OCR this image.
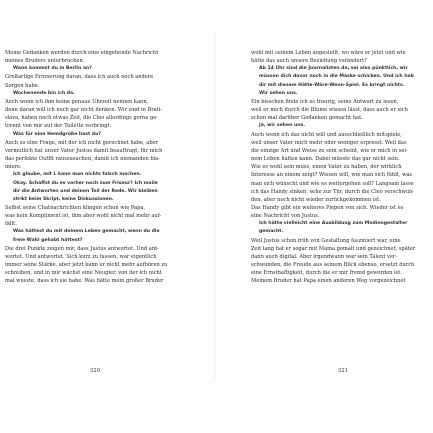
Meine Gedanken werden durch eine eingehende Nachricht
meines Bruders unterbrochen.
Wann kommst du in Berlin an?
Großartige Erinnerung daran, dass ich auch noch andere
Sorgen habe.
Wochenende bin ich da.
Auch wenn ich ihm keine genaue Uhrzeit nennen kann,
denn daran will ich noch gar nicht denken. Wir sind in Brati-
slava, haben noch etwas Zeit, die Cleo allerdings gerne ge-
trennt von mir auf der Toilette verbringt.
Was für eine Hemdgröße hast du?
Auch so eine Frage, mit der ich nicht gerechnet habe, aber
vermutlich hat unser Vater Justus damit beauftragt, für mich
das perfekte Outfit rauszusuchen, damit ich niemanden bla-
miere.
Ich glaube, mit L kann man nichts falsch machen.
Okay. Schaffst du es vorher noch zum Friseur? Ich maile
dir die Antworten und deinen Teil der Rede. Wir bleiben
strikt beim Skript, keine Diskussionen.
Selbst seine Chatnachrichten klingen schon wie Papa,
was kein Kompliment ist, ihm aber wohl nicht mal mehr auf-
fällt.
Was hättest du mit deinem Leben gemacht, wenn du die
freie Wahl gehabt hättest?
Die drei Punkte zeigen mir, dass Justus antwortet. Und ant-
wortet. Und antwortet. Sich kurz zu fassen, war eigentlich
immer seine Stärke, aber jetzt kann er nicht mehr aufhören zu
schreiben, und in mir wächst eine Neugier, von der ich nicht
mal wusste, dass ich sie habe. Was hätte mein großer Bruder
wohl mit seinem Leben angestellt, wo wäre er jetzt und wie
hätte das auch unsere Beziehung verändert?
Ab 14 Uhr sind die Journalisten da, sei also pünktlich, wir
müssen dich davor noch in die Maske schicken. Und ich hab
dir mit diesem Hätte-Wäre-Wenn-Spiel. Es bringt nichts.
Wir sehen uns.
Ein bisschen finde ich es traurig, seine Antwort zu lesen,
weil er mich durch die Blume wissen lässt, dass auch er sich
schon mal darüber Gedanken gemacht hat.
Ja, wir sehen uns.
Auch wenn ich das nicht will und ausschließlich mitspiele,
weil unser Vater mich mehr oder weniger erpresst. Weil das
die einzige Art und Weise zu sein scheint, wie er mich in sei-
nem Leben halten kann. Dabei müsste das gar nicht sein.
Wie es wohl sein muss, einen Vater zu haben, der wirklich
Interesse an einem zeigt? Wissen will, wie man sich fühlt, was
man sich wünscht und wie es weitergehen soll? Langsam lasse
ich das Handy sinken, sehe zur Tür, durch die Cleo verschwun-
den, aber noch nicht wieder zurückgekommen ist.
Das Handy gibt ein weiteres Piepen von sich. Wieder ist es
eine Nachricht von Justus.
Ich hätte vielleicht eine Ausbildung zum Mediengestalter
gemacht.
Weil Justus schon früh von Gestaltung fasziniert war, eine
Zeit lang hat er sogar mit Mama gemalt und gezeichnet, später
dann auch digital. Aber irgendwann war sein Talent ver-
schwunden, die Freude aus seinem Blick ebenso, ersetzt durch
eine Ernsthaftigkeit, durch die er mir fremd geworden ist.
Meinem Bruder hat Papa einen anderen Weg vorgezeichnet
320	321
